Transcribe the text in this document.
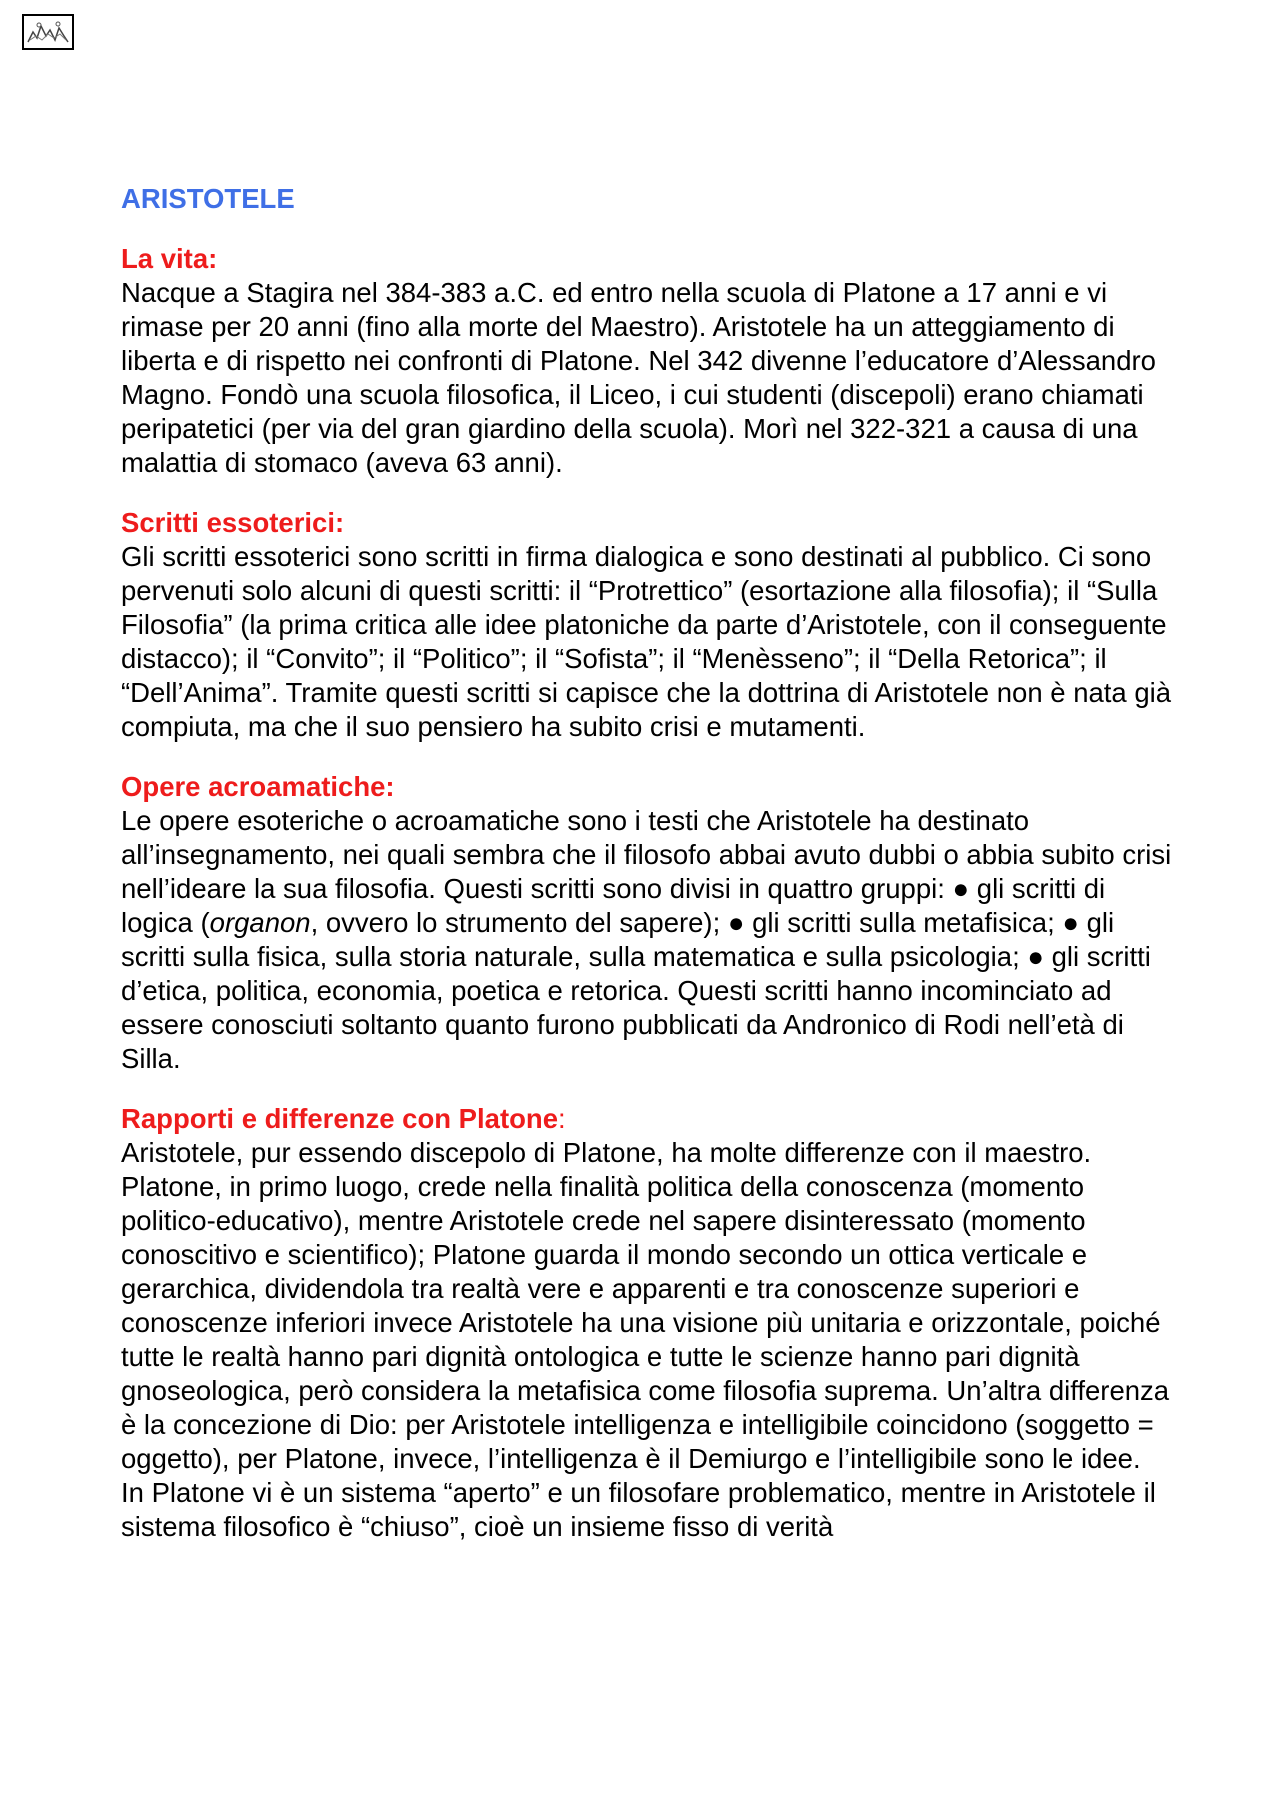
ARISTOTELE
La vita:

Nacque a Stagira nel 384-383 a.C. ed entro nella scuola di Platone a 17 anni e vi rimase per 20 anni (fino alla morte del Maestro). Aristotele ha un atteggiamento di liberta e di rispetto nei confronti di Platone. Nel 342 divenne l’educatore d’Alessandro Magno. Fondò una scuola filosofica, il Liceo, i cui studenti (discepoli) erano chiamati peripatetici (per via del gran giardino della scuola). Morì nel 322-321 a causa di una malattia di stomaco (aveva 63 anni).

Scritti essoterici:

Gli scritti essoterici sono scritti in firma dialogica e sono destinati al pubblico. Ci sono pervenuti solo alcuni di questi scritti: il “Protrettico” (esortazione alla filosofia); il “Sulla Filosofia” (la prima critica alle idee platoniche da parte d’Aristotele, con il conseguente distacco); il “Convito”; il “Politico”; il “Sofista”; il “Menèsseno”; il “Della Retorica”; il “Dell’Anima”. Tramite questi scritti si capisce che la dottrina di Aristotele non è nata già compiuta, ma che il suo pensiero ha subito crisi e mutamenti.

Opere acroamatiche:

Le opere esoteriche o acroamatiche sono i testi che Aristotele ha destinato all’insegnamento, nei quali sembra che il filosofo abbai avuto dubbi o abbia subito crisi nell’ideare la sua filosofia. Questi scritti sono divisi in quattro gruppi: ● gli scritti di logica (organon, ovvero lo strumento del sapere); ● gli scritti sulla metafisica; ● gli scritti sulla fisica, sulla storia naturale, sulla matematica e sulla psicologia; ● gli scritti d’etica, politica, economia, poetica e retorica. Questi scritti hanno incominciato ad essere conosciuti soltanto quanto furono pubblicati da Andronico di Rodi nell’età di Silla.

Rapporti e differenze con Platone:

Aristotele, pur essendo discepolo di Platone, ha molte differenze con il maestro. Platone, in primo luogo, crede nella finalità politica della conoscenza (momento politico-educativo), mentre Aristotele crede nel sapere disinteressato (momento conoscitivo e scientifico); Platone guarda il mondo secondo un ottica verticale e gerarchica, dividendola tra realtà vere e apparenti e tra conoscenze superiori e conoscenze inferiori invece Aristotele ha una visione più unitaria e orizzontale, poiché tutte le realtà hanno pari dignità ontologica e tutte le scienze hanno pari dignità gnoseologica, però considera la metafisica come filosofia suprema. Un’altra differenza è la concezione di Dio: per Aristotele intelligenza e intelligibile coincidono (soggetto = oggetto), per Platone, invece, l’intelligenza è il Demiurgo e l’intelligibile sono le idee.

In Platone vi è un sistema “aperto” e un filosofare problematico, mentre in Aristotele il sistema filosofico è “chiuso”, cioè un insieme fisso di verità
